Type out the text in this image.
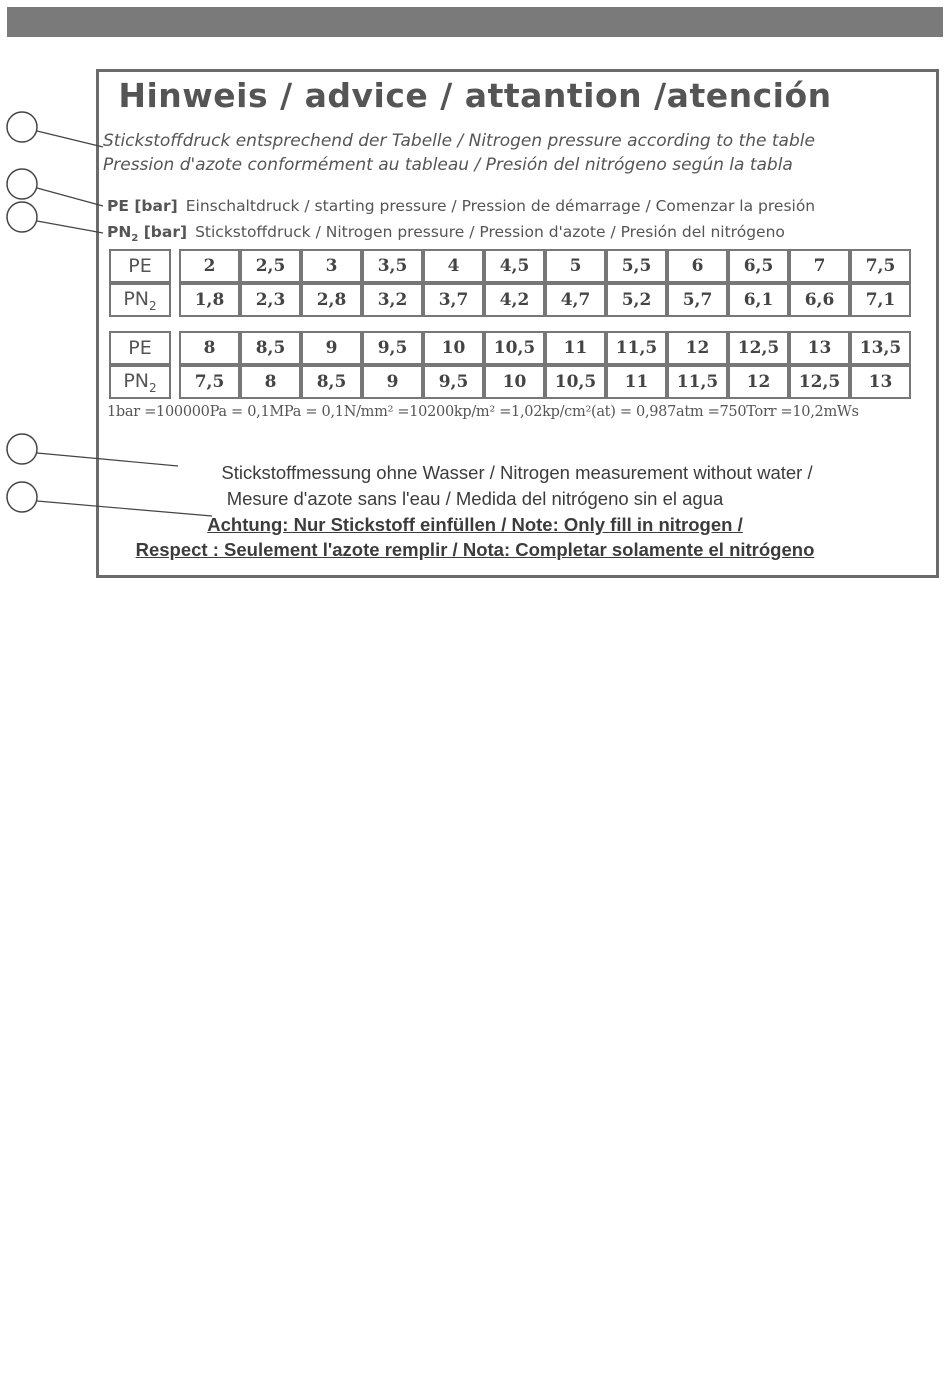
Hinweis / advice / attantion /atención
Stickstoffdruck entsprechend der Tabelle / Nitrogen pressure according to the table
Pression d'azote conformément au tableau / Presión del nitrógeno según la tabla
PE [bar] Einschaltdruck / starting pressure / Pression de démarrage / Comenzar la presión
$PN_2$ [bar] Stickstoffdruck / Nitrogen pressure / Pression d'azote / Presión del nitrógeno
PE		2	2,5	3	3,5	4	4,5	5	5,5	6	6,5	7	7,5
$PN_2$		1,8	2,3	2,8	3,2	3,7	4,2	4,7	5,2	5,7	6,1	6,6	7,1
PE		8	8,5	9	9,5	10	10,5	11	11,5	12	12,5	13	13,5
$PN_2$		7,5	8	8,5	9	9,5	10	10,5	11	11,5	12	12,5	13
1bar =100000Pa = 0,1MPa = 0,1N/mm² =10200kp/m² =1,02kp/cm²(at) = 0,987atm =750Torr =10,2mWs
Stickstoffmessung ohne Wasser / Nitrogen measurement without water /
Mesure d'azote sans l'eau / Medida del nitrógeno sin el agua
Achtung: Nur Stickstoff einfüllen / Note: Only fill in nitrogen /
Respect : Seulement l'azote remplir / Nota: Completar solamente el nitrógeno
